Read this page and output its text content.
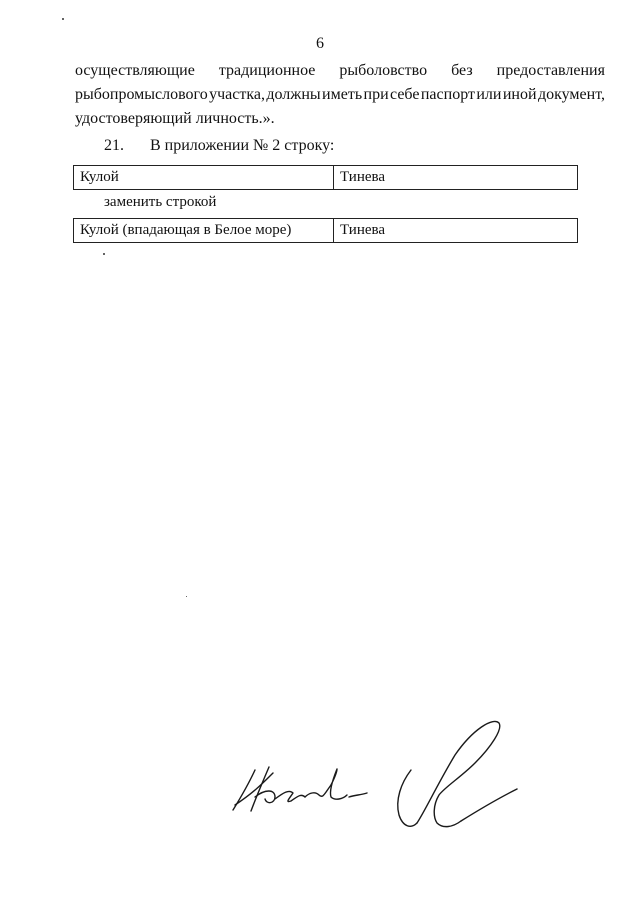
6
осуществляющие традиционное рыболовство без предоставления
рыбопромыслового участка, должны иметь при себе паспорт или иной документ,
удостоверяющий личность.».
21. В приложении № 2 строку:
Кулой	Тинева
заменить строкой
Кулой (впадающая в Белое море)	Тинева
